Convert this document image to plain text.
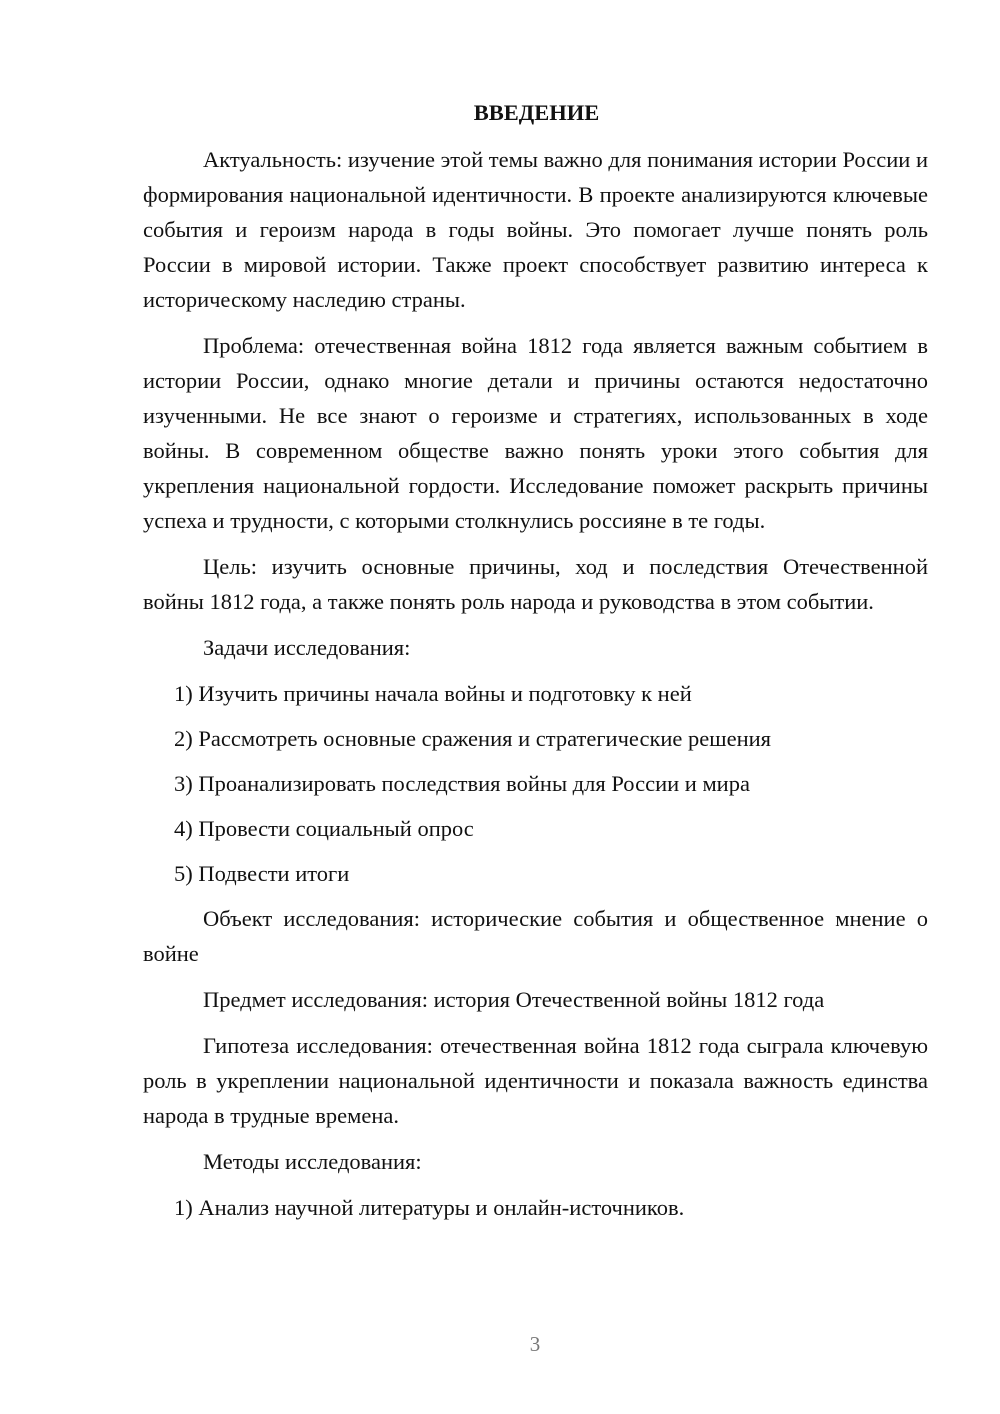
ВВЕДЕНИЕ

Актуальность: изучение этой темы важно для понимания истории России и формирования национальной идентичности. В проекте анализируются ключевые события и героизм народа в годы войны. Это помогает лучше понять роль России в мировой истории. Также проект способствует развитию интереса к историческому наследию страны.

Проблема: отечественная война 1812 года является важным событием в истории России, однако многие детали и причины остаются недостаточно изученными. Не все знают о героизме и стратегиях, использованных в ходе войны. В современном обществе важно понять уроки этого события для укрепления национальной гордости. Исследование поможет раскрыть причины успеха и трудности, с которыми столкнулись россияне в те годы.

Цель: изучить основные причины, ход и последствия Отечественной войны 1812 года, а также понять роль народа и руководства в этом событии.

Задачи исследования:

1) Изучить причины начала войны и подготовку к ней

2) Рассмотреть основные сражения и стратегические решения

3) Проанализировать последствия войны для России и мира

4) Провести социальный опрос

5) Подвести итоги

Объект исследования: исторические события и общественное мнение о войне

Предмет исследования: история Отечественной войны 1812 года

Гипотеза исследования: отечественная война 1812 года сыграла ключевую роль в укреплении национальной идентичности и показала важность единства народа в трудные времена.

Методы исследования:

1) Анализ научной литературы и онлайн-источников.

3
